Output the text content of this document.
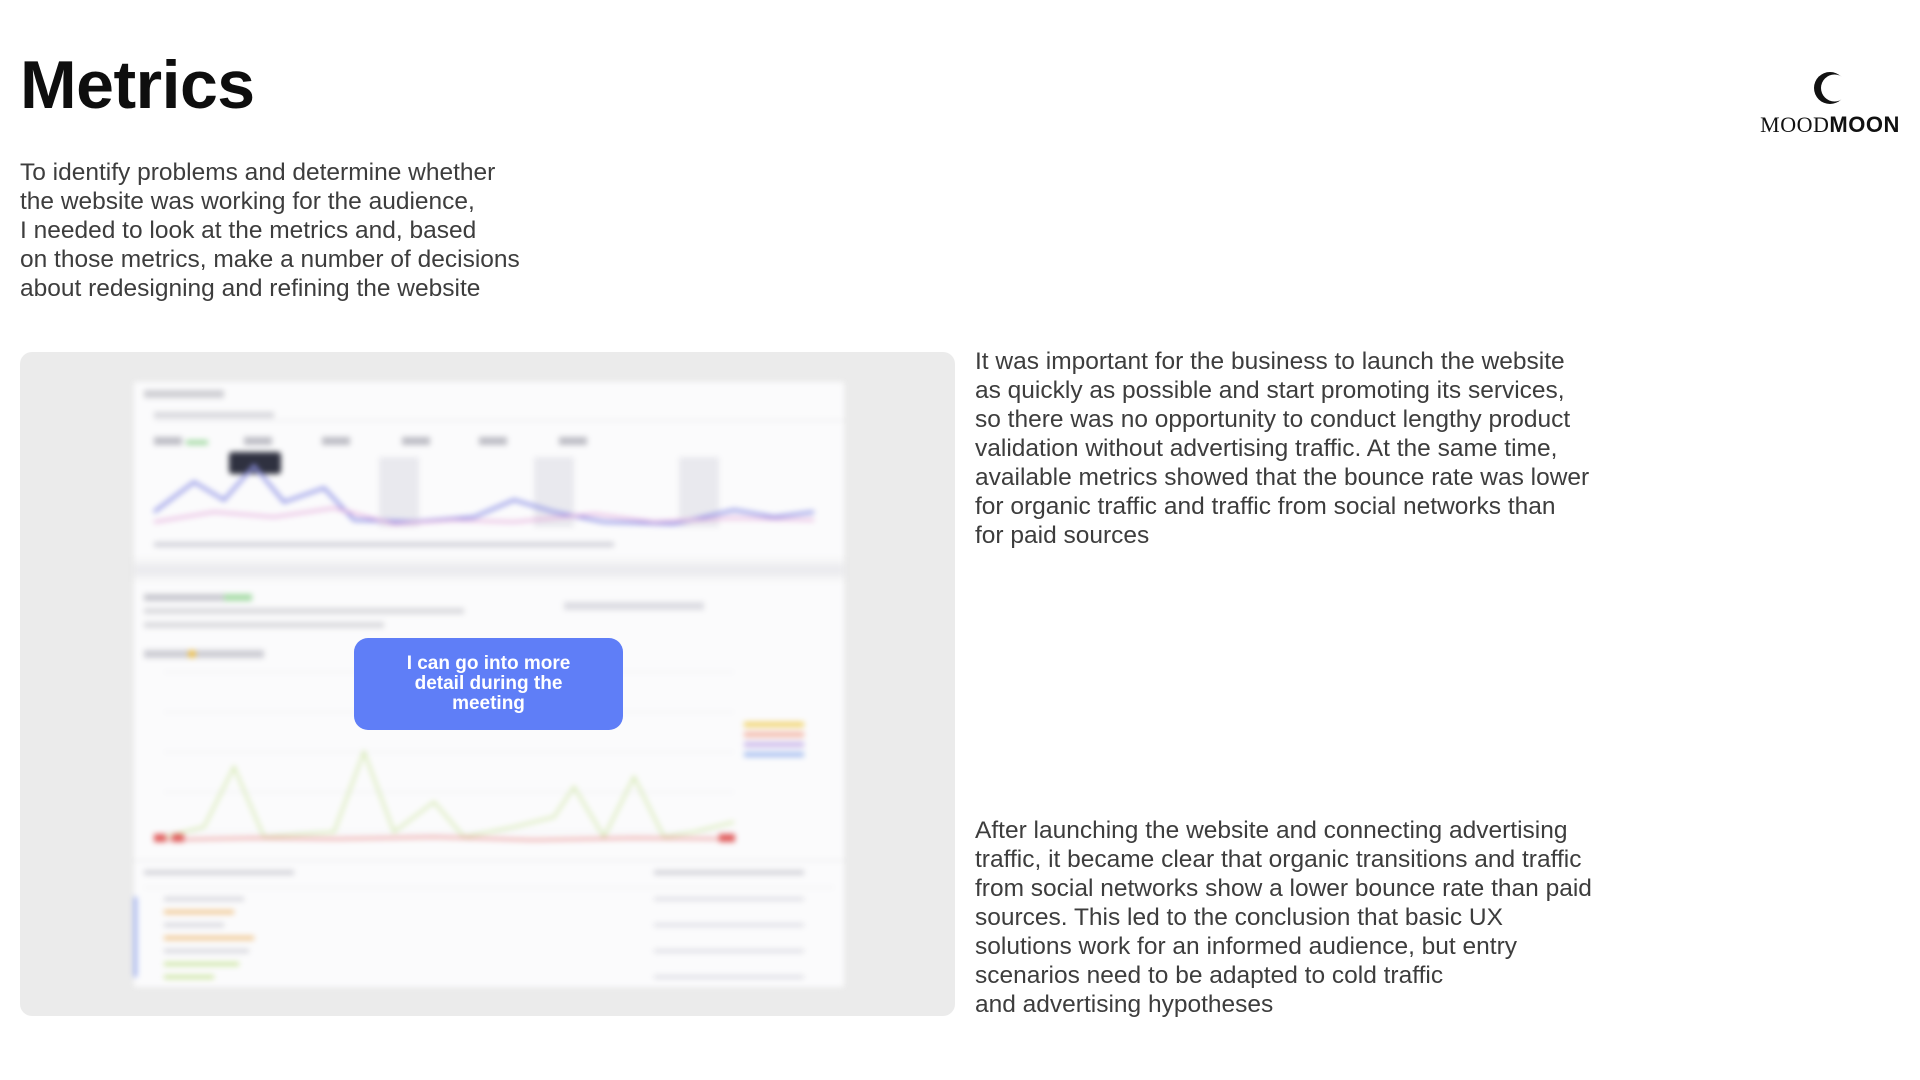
Metrics

To identify problems and determine whether
the website was working for the audience,
I needed to look at the metrics and, based
on those metrics, make a number of decisions
about redesigning and refining the website

MOODMOON
I can go into more detail during the meeting

It was important for the business to launch the website
as quickly as possible and start promoting its services,
so there was no opportunity to conduct lengthy product
validation without advertising traffic. At the same time,
available metrics showed that the bounce rate was lower
for organic traffic and traffic from social networks than
for paid sources

After launching the website and connecting advertising
traffic, it became clear that organic transitions and traffic
from social networks show a lower bounce rate than paid
sources. This led to the conclusion that basic UX
solutions work for an informed audience, but entry
scenarios need to be adapted to cold traffic
and advertising hypotheses
